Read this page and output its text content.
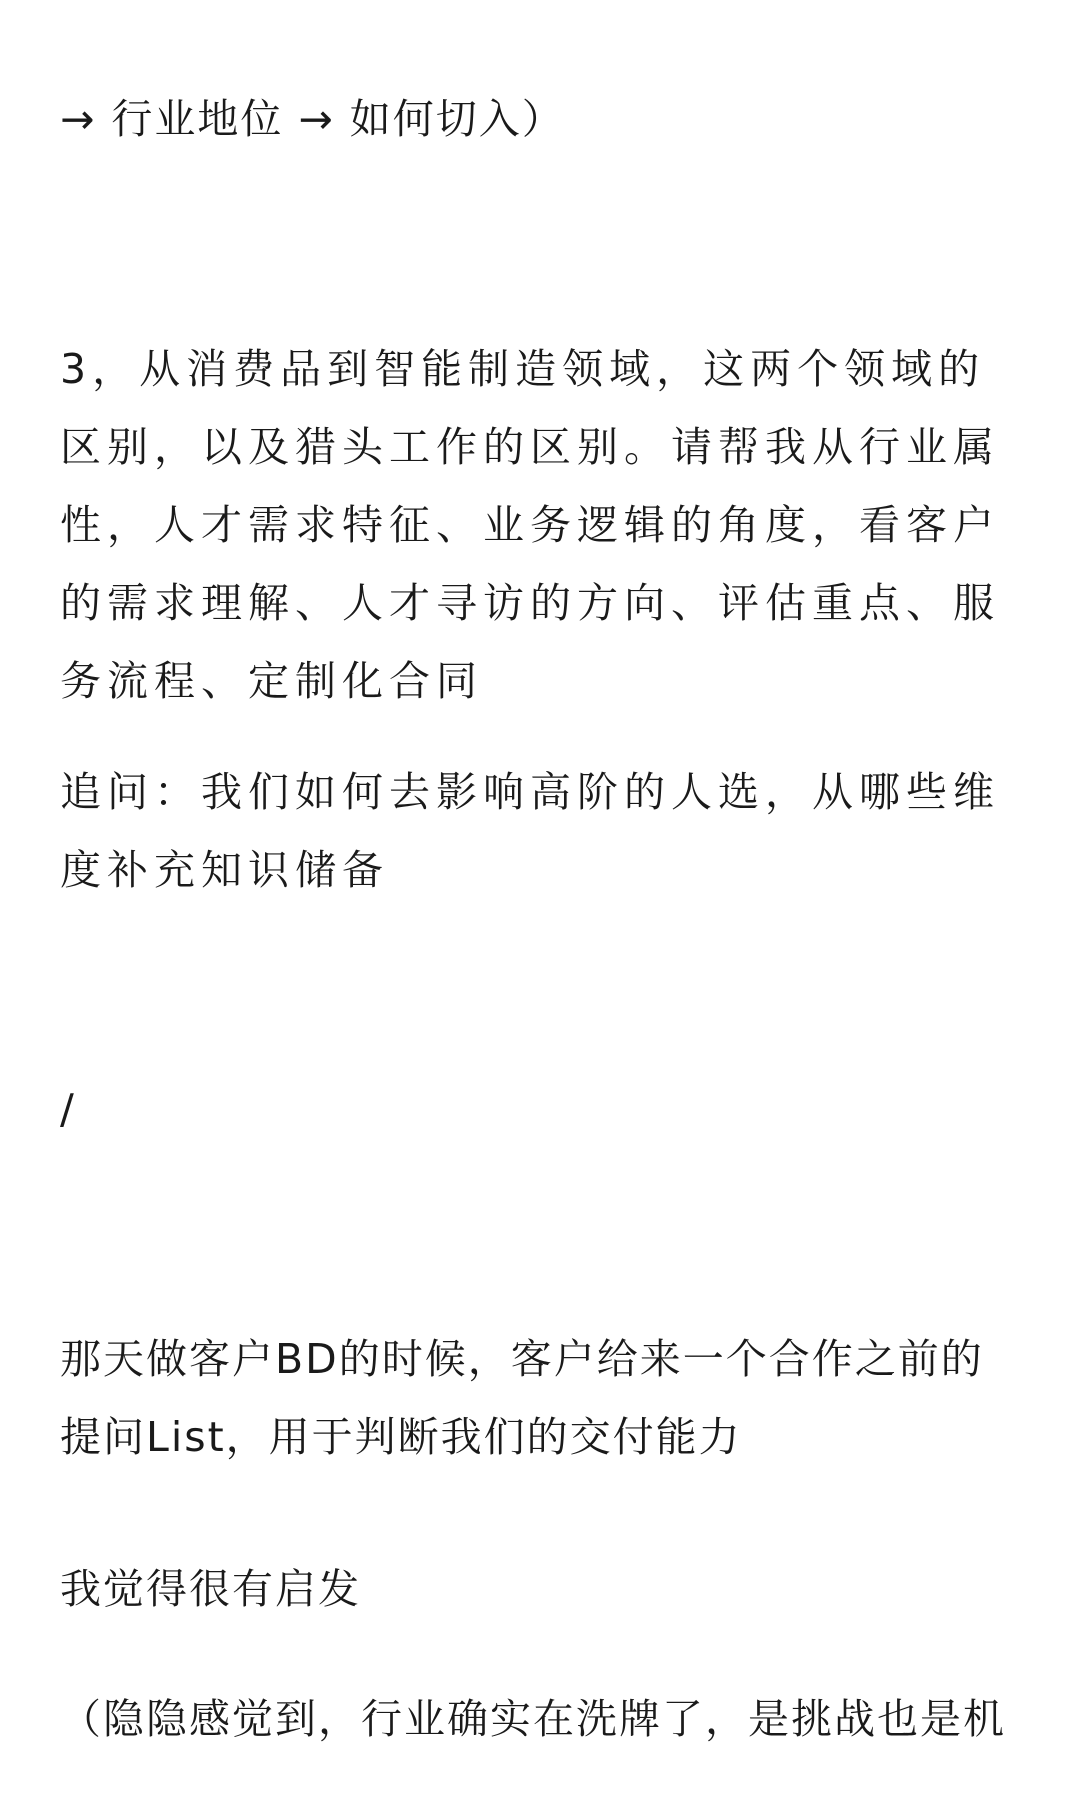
→ 行业地位 → 如何切入）

3，从消费品到智能制造领域，这两个领域的区别，以及猎头工作的区别。请帮我从行业属性，人才需求特征、业务逻辑的角度，看客户的需求理解、人才寻访的方向、评估重点、服务流程、定制化合同

追问：我们如何去影响高阶的人选，从哪些维度补充知识储备

/

那天做客户BD的时候，客户给来一个合作之前的提问List，用于判断我们的交付能力

我觉得很有启发

（隐隐感觉到，行业确实在洗牌了，是挑战也是机
